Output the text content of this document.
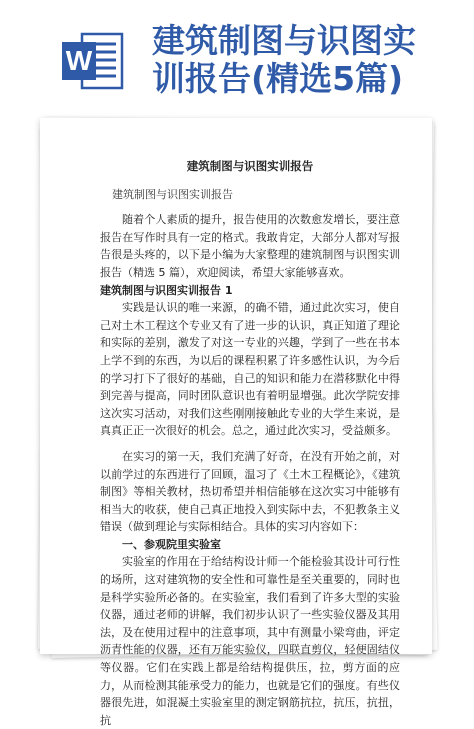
W
建筑制图与识图实
训报告(精选5篇)
建筑制图与识图实训报告
建筑制图与识图实训报告

随着个人素质的提升，报告使用的次数愈发增长，要注意报告在写作时具有一定的格式。我敢肯定，大部分人都对写报告很是头疼的，以下是小编为大家整理的建筑制图与识图实训报告（精选 5 篇），欢迎阅读，希望大家能够喜欢。

建筑制图与识图实训报告 1

实践是认识的唯一来源，的确不错，通过此次实习，使自己对土木工程这个专业又有了进一步的认识，真正知道了理论和实际的差别，激发了对这一专业的兴趣，学到了一些在书本上学不到的东西，为以后的课程积累了许多感性认识，为今后的学习打下了很好的基础，自己的知识和能力在潜移默化中得到完善与提高，同时团队意识也有着明显增强。此次学院安排这次实习活动，对我们这些刚刚接触此专业的大学生来说，是真真正正一次很好的机会。总之，通过此次实习，受益颇多。

在实习的第一天，我们充满了好奇，在没有开始之前，对以前学过的东西进行了回顾，温习了《土木工程概论》，《建筑制图》等相关教材，热切希望并相信能够在这次实习中能够有相当大的收获，使自己真正地投入到实际中去，不犯教条主义错误（做到理论与实际相结合。具体的实习内容如下：

一、参观院里实验室

实验室的作用在于给结构设计师一个能检验其设计可行性的场所，这对建筑物的安全性和可靠性是至关重要的，同时也是科学实验所必备的。在实验室，我们看到了许多大型的实验仪器，通过老师的讲解，我们初步认识了一些实验仪器及其用法，及在使用过程中的注意事项，其中有测量小梁弯曲，评定沥青性能的仪器，还有万能实验仪，四联直剪仪，轻便固结仪等仪器。它们在实践上都是给结构提供压，拉，剪方面的应力，从而检测其能承受力的能力，也就是它们的强度。有些仪器很先进，如混凝土实验室里的测定钢筋抗拉，抗压，抗扭，抗
